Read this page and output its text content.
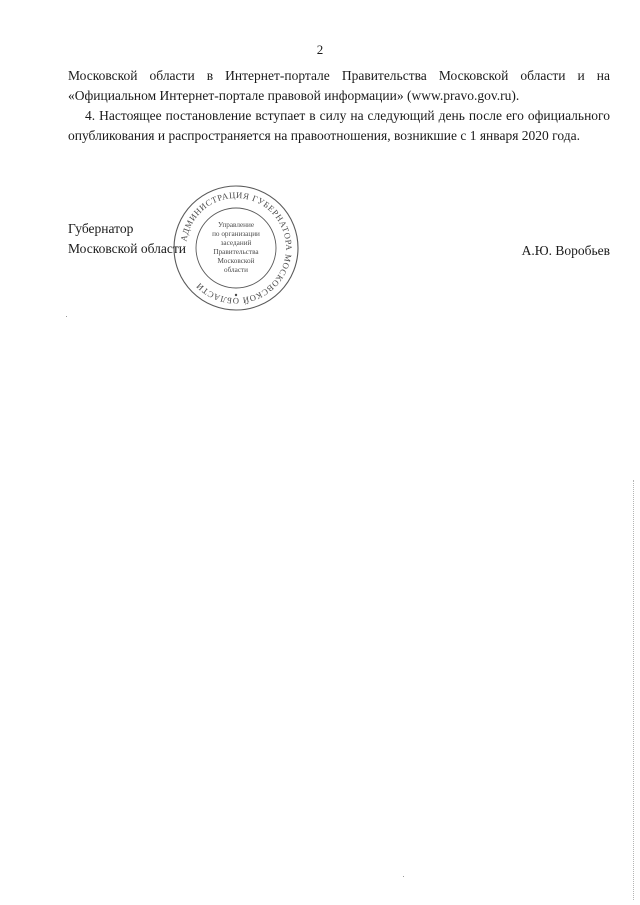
2

Московской области в Интернет-портале Правительства Московской области и на «Официальном Интернет-портале правовой информации» (www.pravo.gov.ru).

4. Настоящее постановление вступает в силу на следующий день после его официального опубликования и распространяется на правоотношения, возникшие с 1 января 2020 года.

Губернатор
Московской области
АДМИНИСТРАЦИЯ ГУБЕРНАТОРА МОСКОВСКОЙ ОБЛАСТИ
Управление
по организации
заседаний
Правительства
Московской
области
А.Ю. Воробьев
